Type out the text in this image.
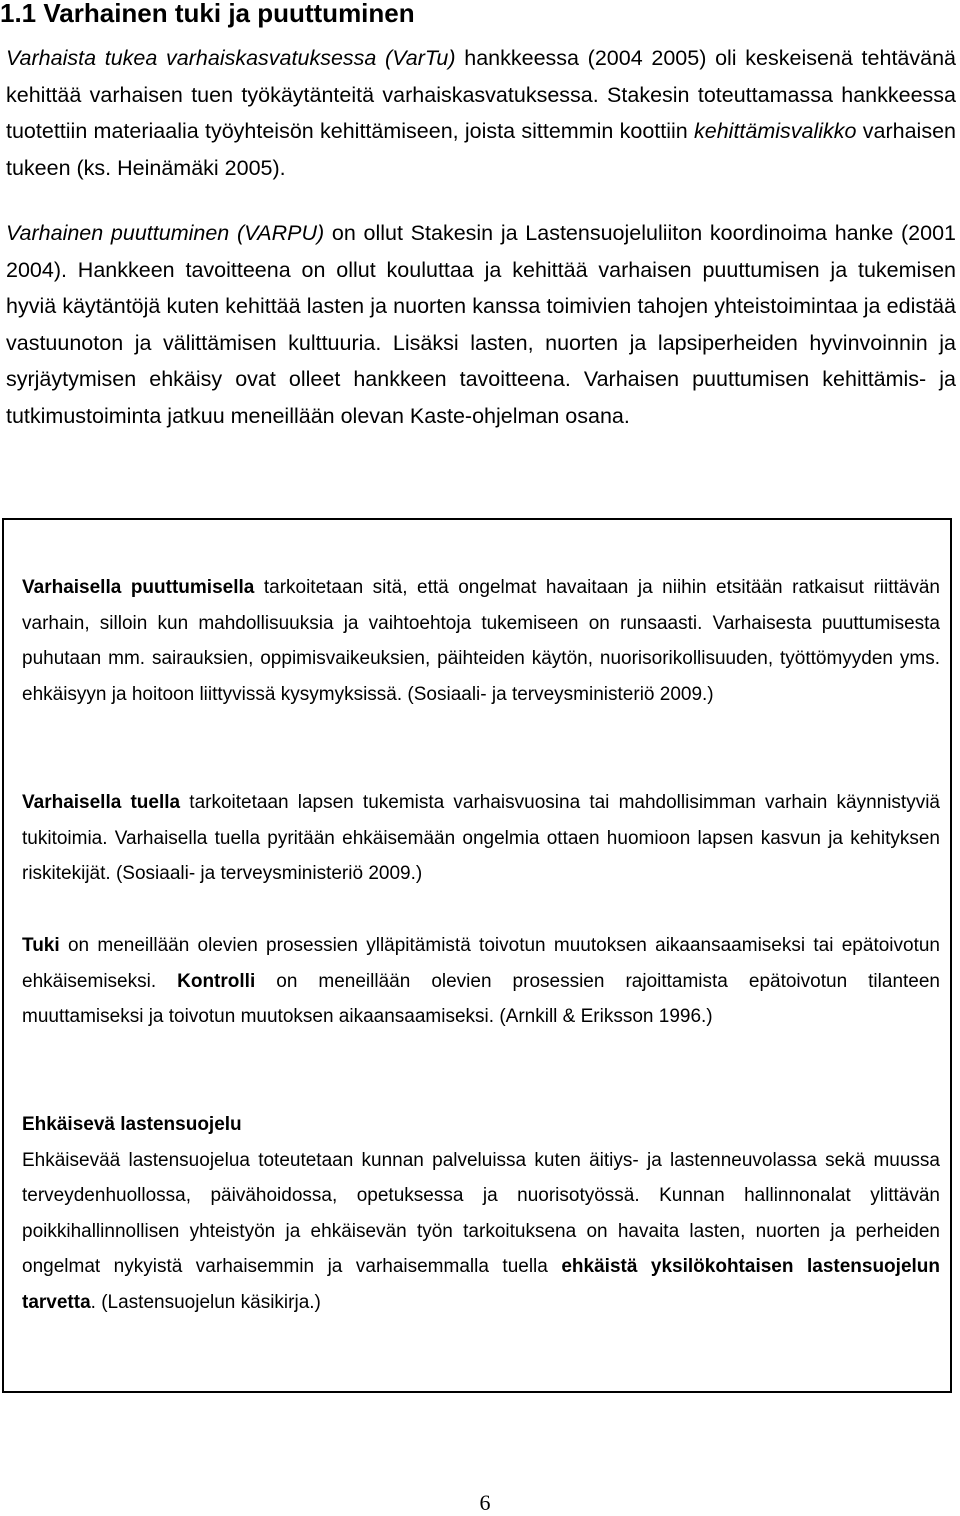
1.1 Varhainen tuki ja puuttuminen

Varhaista tukea varhaiskasvatuksessa (VarTu) hankkeessa (2004 2005) oli keskeisenä tehtävänä kehittää varhaisen tuen työkäytänteitä varhaiskasvatuksessa. Stakesin toteuttamassa hankkeessa tuotettiin materiaalia työyhteisön kehittämiseen, joista sittemmin koottiin kehittämisvalikko varhaisen tukeen (ks. Heinämäki 2005).

Varhainen puuttuminen (VARPU) on ollut Stakesin ja Lastensuojeluliiton koordinoima hanke (2001 2004). Hankkeen tavoitteena on ollut kouluttaa ja kehittää varhaisen puuttumisen ja tukemisen hyviä käytäntöjä kuten kehittää lasten ja nuorten kanssa toimivien tahojen yhteistoimintaa ja edistää vastuunoton ja välittämisen kulttuuria. Lisäksi lasten, nuorten ja lapsiperheiden hyvinvoinnin ja syrjäytymisen ehkäisy ovat olleet hankkeen tavoitteena. Varhaisen puuttumisen kehittämis- ja tutkimustoiminta jatkuu meneillään olevan Kaste-ohjelman osana.

Varhaisella puuttumisella tarkoitetaan sitä, että ongelmat havaitaan ja niihin etsitään ratkaisut riittävän varhain, silloin kun mahdollisuuksia ja vaihtoehtoja tukemiseen on runsaasti. Varhaisesta puuttumisesta puhutaan mm. sairauksien, oppimisvaikeuksien, päihteiden käytön, nuorisorikollisuuden, työttömyyden yms. ehkäisyyn ja hoitoon liittyvissä kysymyksissä. (Sosiaali- ja terveysministeriö 2009.)

Varhaisella tuella tarkoitetaan lapsen tukemista varhaisvuosina tai mahdollisimman varhain käynnistyviä tukitoimia. Varhaisella tuella pyritään ehkäisemään ongelmia ottaen huomioon lapsen kasvun ja kehityksen riskitekijät. (Sosiaali- ja terveysministeriö 2009.)

Tuki on meneillään olevien prosessien ylläpitämistä toivotun muutoksen aikaansaamiseksi tai epätoivotun ehkäisemiseksi. Kontrolli on meneillään olevien prosessien rajoittamista epätoivotun tilanteen muuttamiseksi ja toivotun muutoksen aikaansaamiseksi. (Arnkill & Eriksson 1996.)

Ehkäisevä lastensuojelu
Ehkäisevää lastensuojelua toteutetaan kunnan palveluissa kuten äitiys- ja lastenneuvolassa sekä muussa terveydenhuollossa, päivähoidossa, opetuksessa ja nuorisotyössä. Kunnan hallinnonalat ylittävän poikkihallinnollisen yhteistyön ja ehkäisevän työn tarkoituksena on havaita lasten, nuorten ja perheiden ongelmat nykyistä varhaisemmin ja varhaisemmalla tuella ehkäistä yksilökohtaisen lastensuojelun tarvetta. (Lastensuojelun käsikirja.)

6
